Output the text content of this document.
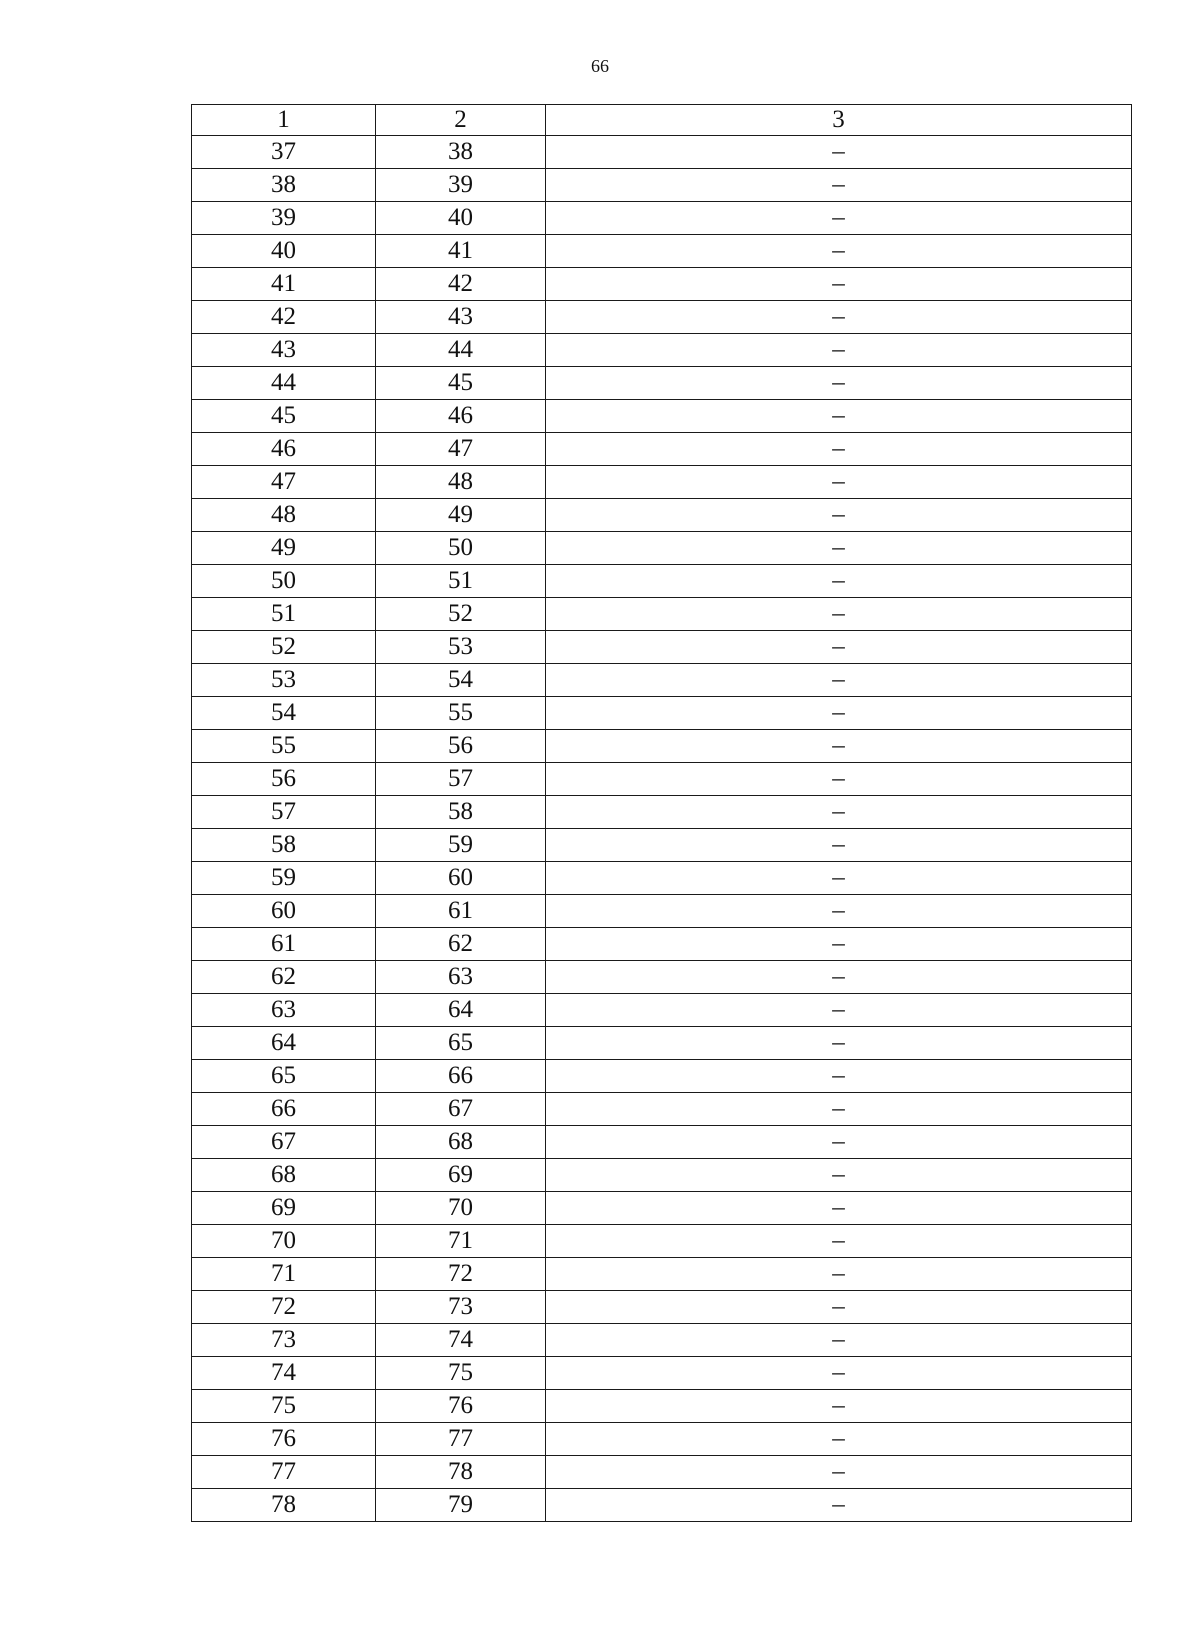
66
1	2	3
37	38	–
38	39	–
39	40	–
40	41	–
41	42	–
42	43	–
43	44	–
44	45	–
45	46	–
46	47	–
47	48	–
48	49	–
49	50	–
50	51	–
51	52	–
52	53	–
53	54	–
54	55	–
55	56	–
56	57	–
57	58	–
58	59	–
59	60	–
60	61	–
61	62	–
62	63	–
63	64	–
64	65	–
65	66	–
66	67	–
67	68	–
68	69	–
69	70	–
70	71	–
71	72	–
72	73	–
73	74	–
74	75	–
75	76	–
76	77	–
77	78	–
78	79	–
